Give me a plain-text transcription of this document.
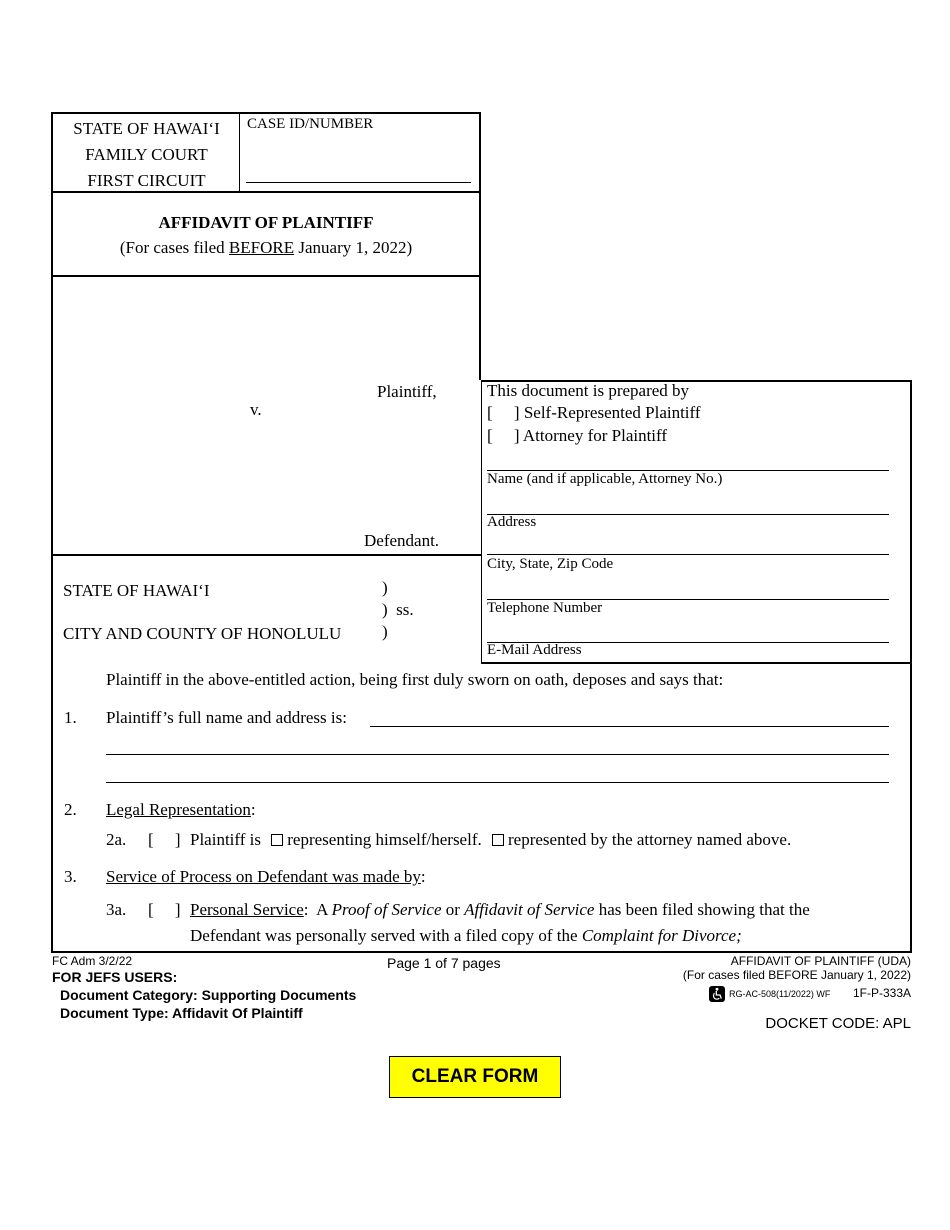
STATE OF HAWAI‘I
FAMILY COURT
FIRST CIRCUIT
CASE ID/NUMBER
AFFIDAVIT OF PLAINTIFF
(For cases filed BEFORE January 1, 2022)
Plaintiff,
v.
Defendant.
This document is prepared by
[     ] Self-Represented Plaintiff
[     ] Attorney for Plaintiff
Name (and if applicable, Attorney No.)
Address
City, State, Zip Code
Telephone Number
E-Mail Address
STATE OF HAWAI‘I
CITY AND COUNTY OF HONOLULU
)
)  ss.
)
Plaintiff in the above-entitled action, being first duly sworn on oath, deposes and says that:
1. Plaintiff’s full name and address is:
2. Legal Representation:
2a. [     ] Plaintiff is representing himself/herself. represented by the attorney named above.
3. Service of Process on Defendant was made by:
3a. [     ] Personal Service:  A Proof of Service or Affidavit of Service has been filed showing that the
Defendant was personally served with a filed copy of the Complaint for Divorce;
FC Adm 3/2/22	Page 1 of 7 pages	AFFIDAVIT OF PLAINTIFF (UDA)
(For cases filed BEFORE January 1, 2022)
FOR JEFS USERS:
Document Category: Supporting Documents
Document Type: Affidavit Of Plaintiff
RG-AC-508(11/2022) WF 1F-P-333A
DOCKET CODE: APL
CLEAR FORM
